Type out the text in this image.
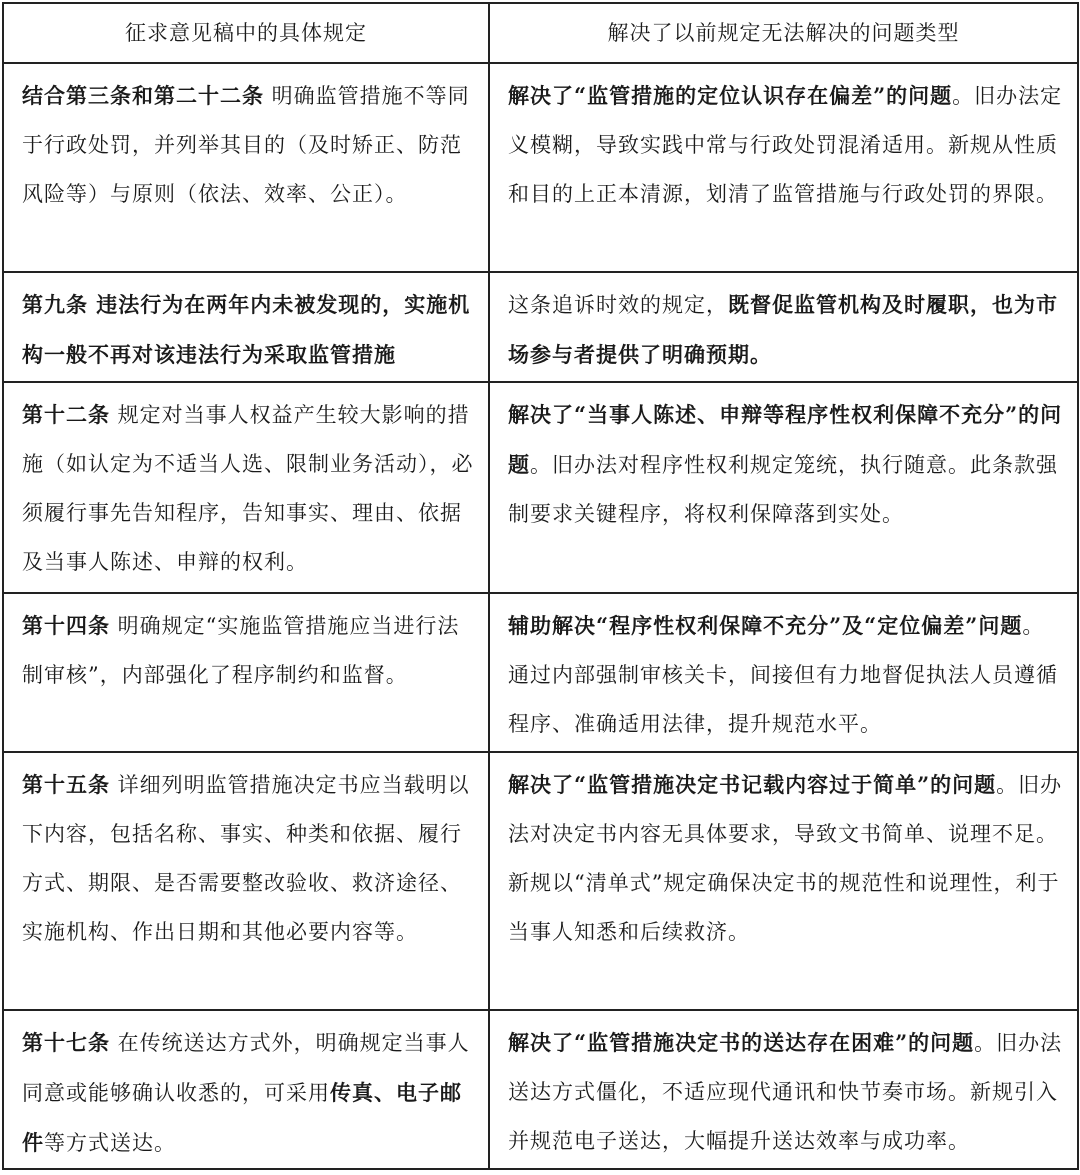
征求意见稿中的具体规定	解决了以前规定无法解决的问题类型
结合第三条和第二十二条 明确监管措施不等同于行政处罚，并列举其目的（及时矫正、防范风险等）与原则（依法、效率、公正）。	解决了“监管措施的定位认识存在偏差”的问题。旧办法定义模糊，导致实践中常与行政处罚混淆适用。新规从性质和目的上正本清源，划清了监管措施与行政处罚的界限。
第九条 违法行为在两年内未被发现的，实施机构一般不再对该违法行为采取监管措施	这条追诉时效的规定，既督促监管机构及时履职，也为市场参与者提供了明确预期。
第十二条 规定对当事人权益产生较大影响的措施（如认定为不适当人选、限制业务活动），必须履行事先告知程序，告知事实、理由、依据及当事人陈述、申辩的权利。	解决了“当事人陈述、申辩等程序性权利保障不充分”的问题。旧办法对程序性权利规定笼统，执行随意。此条款强制要求关键程序，将权利保障落到实处。
第十四条 明确规定“实施监管措施应当进行法制审核”，内部强化了程序制约和监督。	辅助解决“程序性权利保障不充分”及“定位偏差”问题。通过内部强制审核关卡，间接但有力地督促执法人员遵循程序、准确适用法律，提升规范水平。
第十五条 详细列明监管措施决定书应当载明以下内容，包括名称、事实、种类和依据、履行方式、期限、是否需要整改验收、救济途径、实施机构、作出日期和其他必要内容等。	解决了“监管措施决定书记载内容过于简单”的问题。旧办法对决定书内容无具体要求，导致文书简单、说理不足。新规以“清单式”规定确保决定书的规范性和说理性，利于当事人知悉和后续救济。
第十七条 在传统送达方式外，明确规定当事人同意或能够确认收悉的，可采用传真、电子邮件等方式送达。	解决了“监管措施决定书的送达存在困难”的问题。旧办法送达方式僵化，不适应现代通讯和快节奏市场。新规引入并规范电子送达，大幅提升送达效率与成功率。
